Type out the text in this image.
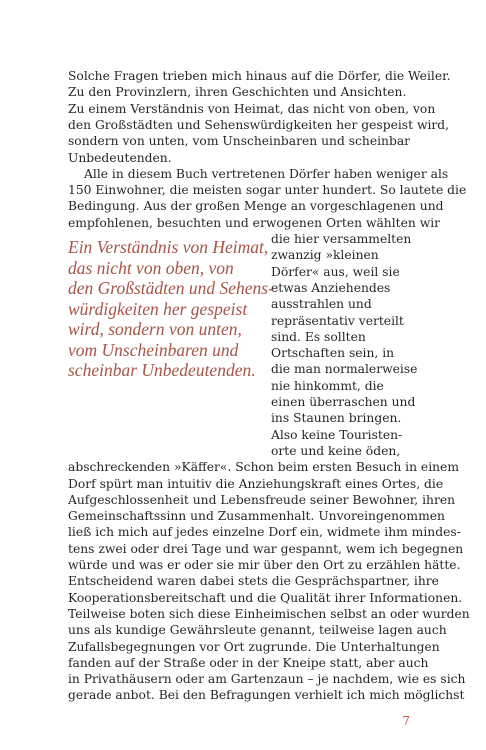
Solche Fragen trieben mich hinaus auf die Dörfer, die Weiler.
Zu den Provinzlern, ihren Geschichten und Ansichten.
Zu einem Verständnis von Heimat, das nicht von oben, von
den Großstädten und Sehenswürdigkeiten her gespeist wird,
sondern von unten, vom Unscheinbaren und scheinbar
Unbedeutenden.
Alle in diesem Buch vertretenen Dörfer haben weniger als
150 Einwohner, die meisten sogar unter hundert. So lautete die
Bedingung. Aus der großen Menge an vorgeschlagenen und
empfohlenen, besuchten und erwogenen Orten wählten wir
die hier versammelten
zwanzig »kleinen
Dörfer« aus, weil sie
etwas Anziehendes
ausstrahlen und
repräsentativ verteilt
sind. Es sollten
Ortschaften sein, in
die man normalerweise
nie hinkommt, die
einen überraschen und
ins Staunen bringen.
Also keine Touristen-
orte und keine öden,
Ein Verständnis von Heimat,
das nicht von oben, von
den Großstädten und Sehens-
würdigkeiten her gespeist
wird, sondern von unten,
vom Unscheinbaren und
scheinbar Unbedeutenden.
abschreckenden »Käffer«. Schon beim ersten Besuch in einem
Dorf spürt man intuitiv die Anziehungskraft eines Ortes, die
Aufgeschlossenheit und Lebensfreude seiner Bewohner, ihren
Gemeinschaftssinn und Zusammenhalt. Unvoreingenommen
ließ ich mich auf jedes einzelne Dorf ein, widmete ihm mindes-
tens zwei oder drei Tage und war gespannt, wem ich begegnen
würde und was er oder sie mir über den Ort zu erzählen hätte.
Entscheidend waren dabei stets die Gesprächspartner, ihre
Kooperationsbereitschaft und die Qualität ihrer Informationen.
Teilweise boten sich diese Einheimischen selbst an oder wurden
uns als kundige Gewährsleute genannt, teilweise lagen auch
Zufallsbegegnungen vor Ort zugrunde. Die Unterhaltungen
fanden auf der Straße oder in der Kneipe statt, aber auch
in Privathäusern oder am Gartenzaun – je nachdem, wie es sich
gerade anbot. Bei den Befragungen verhielt ich mich möglichst
7
